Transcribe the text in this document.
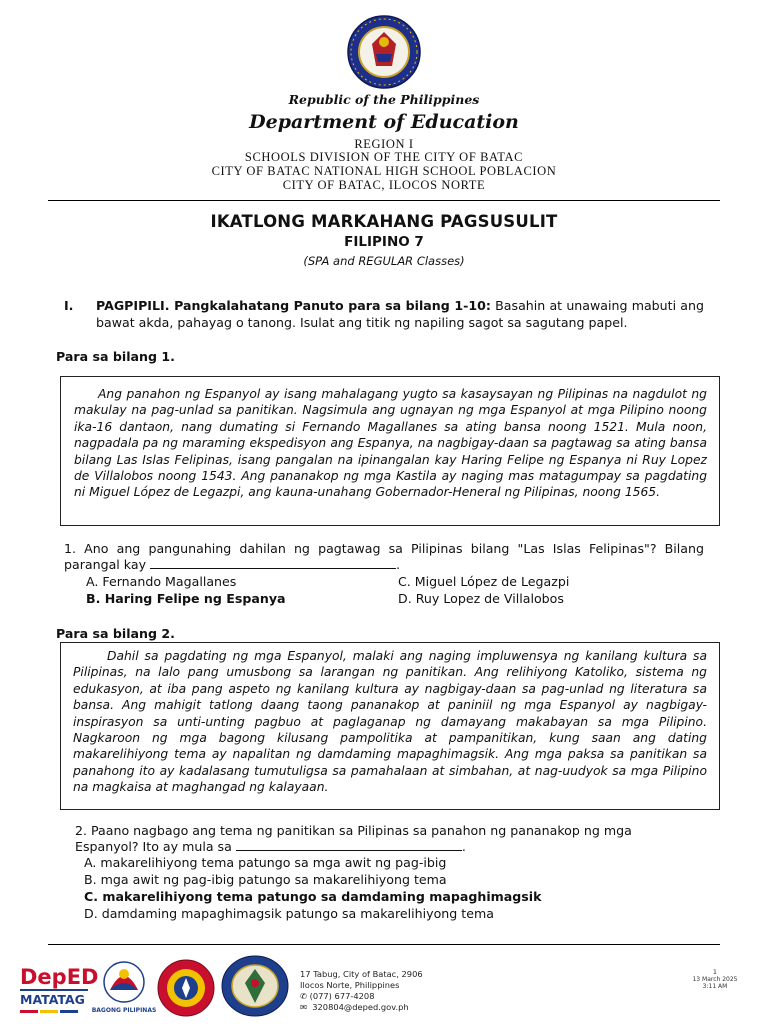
Republic of the Philippines
Department of Education
REGION I
SCHOOLS DIVISION OF THE CITY OF BATAC
CITY OF BATAC NATIONAL HIGH SCHOOL POBLACION
CITY OF BATAC, ILOCOS NORTE
IKATLONG MARKAHANG PAGSUSULIT
FILIPINO 7
(SPA and REGULAR Classes)
I. PAGPIPILI. Pangkalahatang Panuto para sa bilang 1-10: Basahin at unawaing mabuti ang bawat akda, pahayag o tanong. Isulat ang titik ng napiling sagot sa sagutang papel.
Para sa bilang 1.
Ang panahon ng Espanyol ay isang mahalagang yugto sa kasaysayan ng Pilipinas na nagdulot ng makulay na pag-unlad sa panitikan. Nagsimula ang ugnayan ng mga Espanyol at mga Pilipino noong ika-16 dantaon, nang dumating si Fernando Magallanes sa ating bansa noong 1521. Mula noon, nagpadala pa ng maraming ekspedisyon ang Espanya, na nagbigay-daan sa pagtawag sa ating bansa bilang Las Islas Felipinas, isang pangalan na ipinangalan kay Haring Felipe ng Espanya ni Ruy Lopez de Villalobos noong 1543. Ang pananakop ng mga Kastila ay naging mas matagumpay sa pagdating ni Miguel López de Legazpi, ang kauna-unahang Gobernador-Heneral ng Pilipinas, noong 1565.
1. Ano ang pangunahing dahilan ng pagtawag sa Pilipinas bilang "Las Islas Felipinas"? Bilang parangal kay	.
A. Fernando Magallanes
B. Haring Felipe ng Espanya
C. Miguel López de Legazpi
D. Ruy Lopez de Villalobos
Para sa bilang 2.
Dahil sa pagdating ng mga Espanyol, malaki ang naging impluwensya ng kanilang kultura sa Pilipinas, na lalo pang umusbong sa larangan ng panitikan. Ang relihiyong Katoliko, sistema ng edukasyon, at iba pang aspeto ng kanilang kultura ay nagbigay-daan sa pag-unlad ng literatura sa bansa. Ang mahigit tatlong daang taong pananakop at paniniil ng mga Espanyol ay nagbigay-inspirasyon sa unti-unting pagbuo at paglaganap ng damayang makabayan sa mga Pilipino. Nagkaroon ng mga bagong kilusang pampolitika at pampanitikan, kung saan ang dating makarelihiyong tema ay napalitan ng damdaming mapaghimagsik. Ang mga paksa sa panitikan sa panahong ito ay kadalasang tumutuligsa sa pamahalaan at simbahan, at nag-uudyok sa mga Pilipino na magkaisa at maghangad ng kalayaan.
2. Paano nagbago ang tema ng panitikan sa Pilipinas sa panahon ng pananakop ng mga
Espanyol? Ito ay mula sa	.
A. makarelihiyong tema patungo sa mga awit ng pag-ibig
B. mga awit ng pag-ibig patungo sa makarelihiyong tema
C. makarelihiyong tema patungo sa damdaming mapaghimagsik
D. damdaming mapaghimagsik patungo sa makarelihiyong tema
DepED
MATATAG
BAGONG PILIPINAS
17 Tabug, City of Batac, 2906
Ilocos Norte, Philippines
✆ (077) 677-4208
✉ 320804@deped.gov.ph
1
13 March 2025
3:11 AM
